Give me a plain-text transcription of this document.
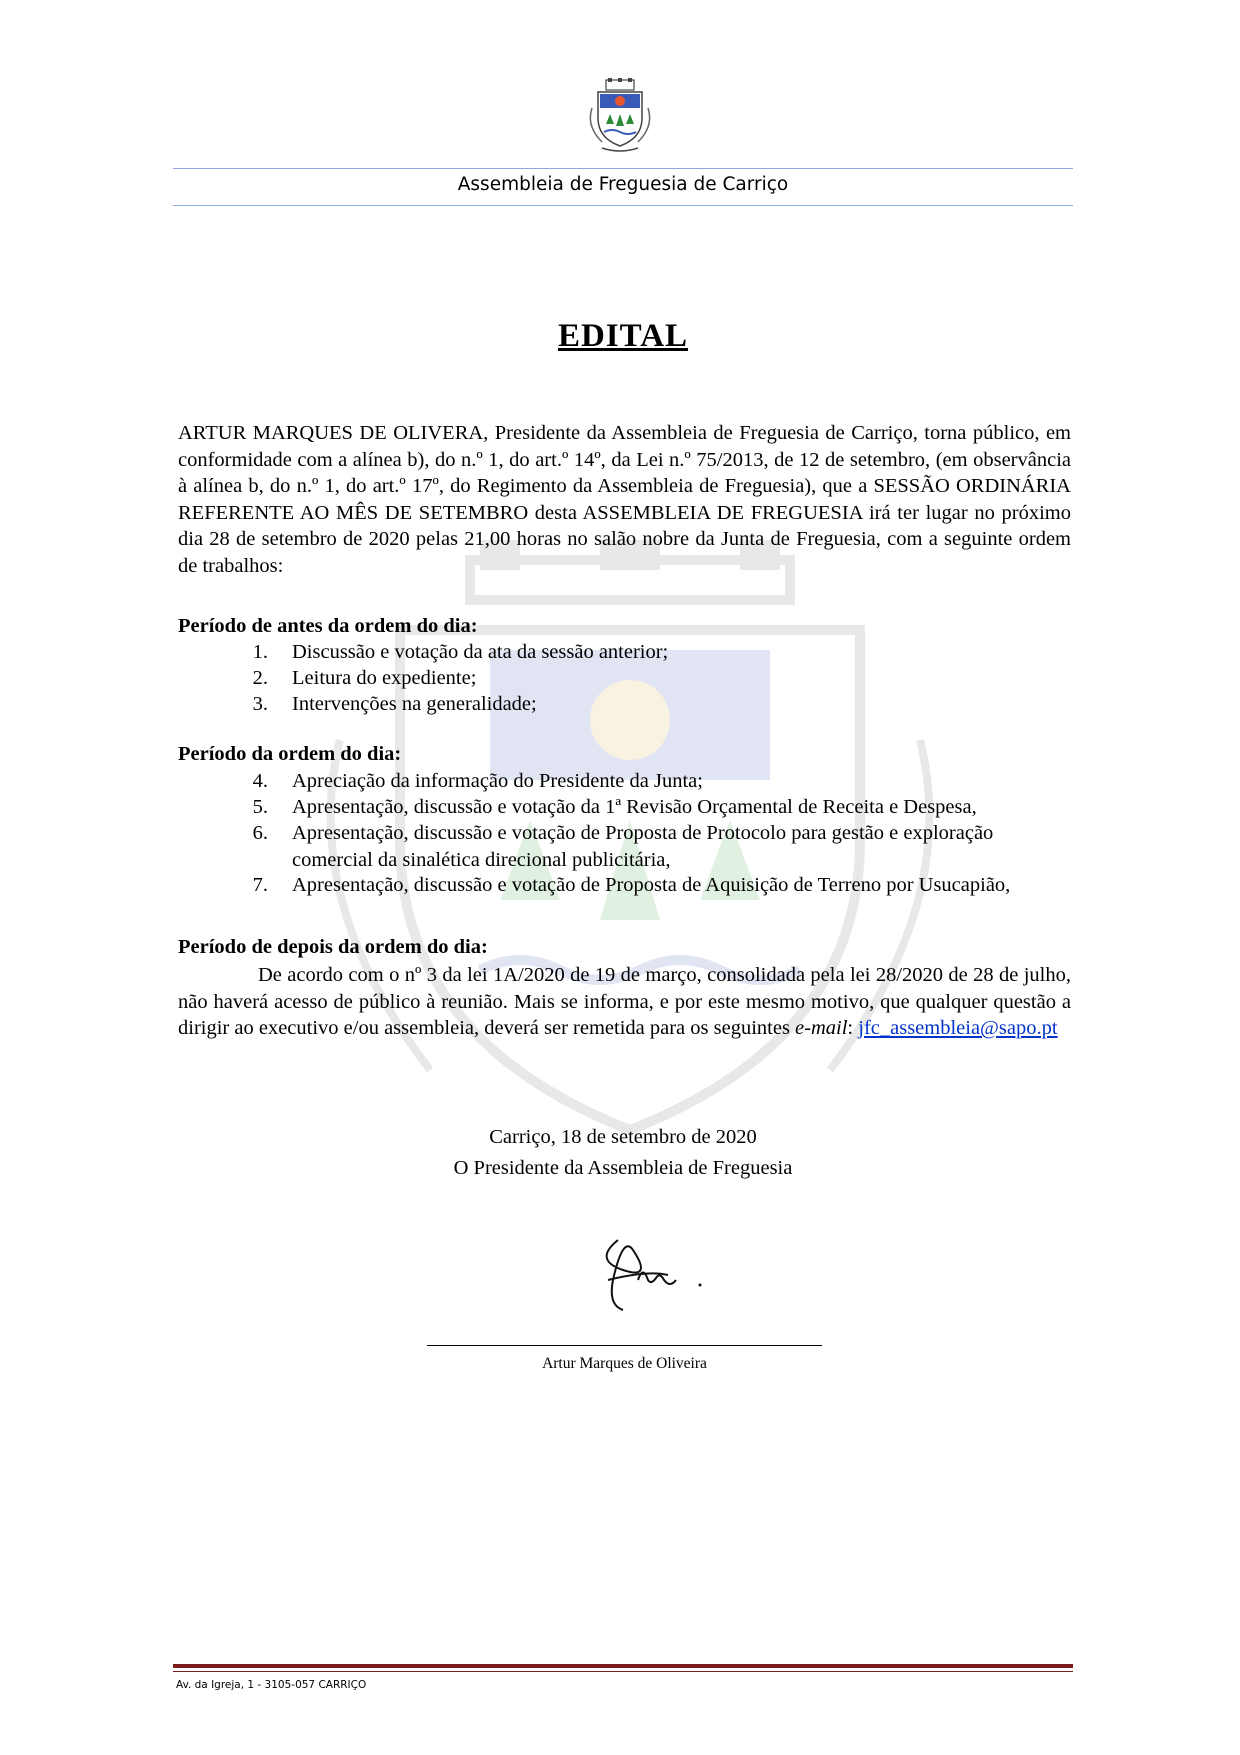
Assembleia de Freguesia de Carriço
EDITAL

ARTUR MARQUES DE OLIVERA, Presidente da Assembleia de Freguesia de Carriço, torna público, em conformidade com a alínea b), do n.º 1, do art.º 14º, da Lei n.º 75/2013, de 12 de setembro, (em observância à alínea b, do n.º 1, do art.º 17º, do Regimento da Assembleia de Freguesia), que a SESSÃO ORDINÁRIA REFERENTE AO MÊS DE SETEMBRO desta ASSEMBLEIA DE FREGUESIA irá ter lugar no próximo dia 28 de setembro de 2020 pelas 21,00 horas no salão nobre da Junta de Freguesia, com a seguinte ordem de trabalhos:

Período de antes da ordem do dia:
1. Discussão e votação da ata da sessão anterior;
2. Leitura do expediente;
3. Intervenções na generalidade;
Período da ordem do dia:
4. Apreciação da informação do Presidente da Junta;
5. Apresentação, discussão e votação da 1ª Revisão Orçamental de Receita e Despesa,
6. Apresentação, discussão e votação de Proposta de Protocolo para gestão e exploração comercial da sinalética direcional publicitária,
7. Apresentação, discussão e votação de Proposta de Aquisição de Terreno por Usucapião,
Período de depois da ordem do dia:

De acordo com o nº 3 da lei 1A/2020 de 19 de março, consolidada pela lei 28/2020 de 28 de julho, não haverá acesso de público à reunião. Mais se informa, e por este mesmo motivo, que qualquer questão a dirigir ao executivo e/ou assembleia, deverá ser remetida para os seguintes e-mail: jfc_assembleia@sapo.pt

Carriço, 18 de setembro de 2020
O Presidente da Assembleia de Freguesia
Artur Marques de Oliveira
Av. da Igreja, 1 - 3105-057 CARRIÇO
